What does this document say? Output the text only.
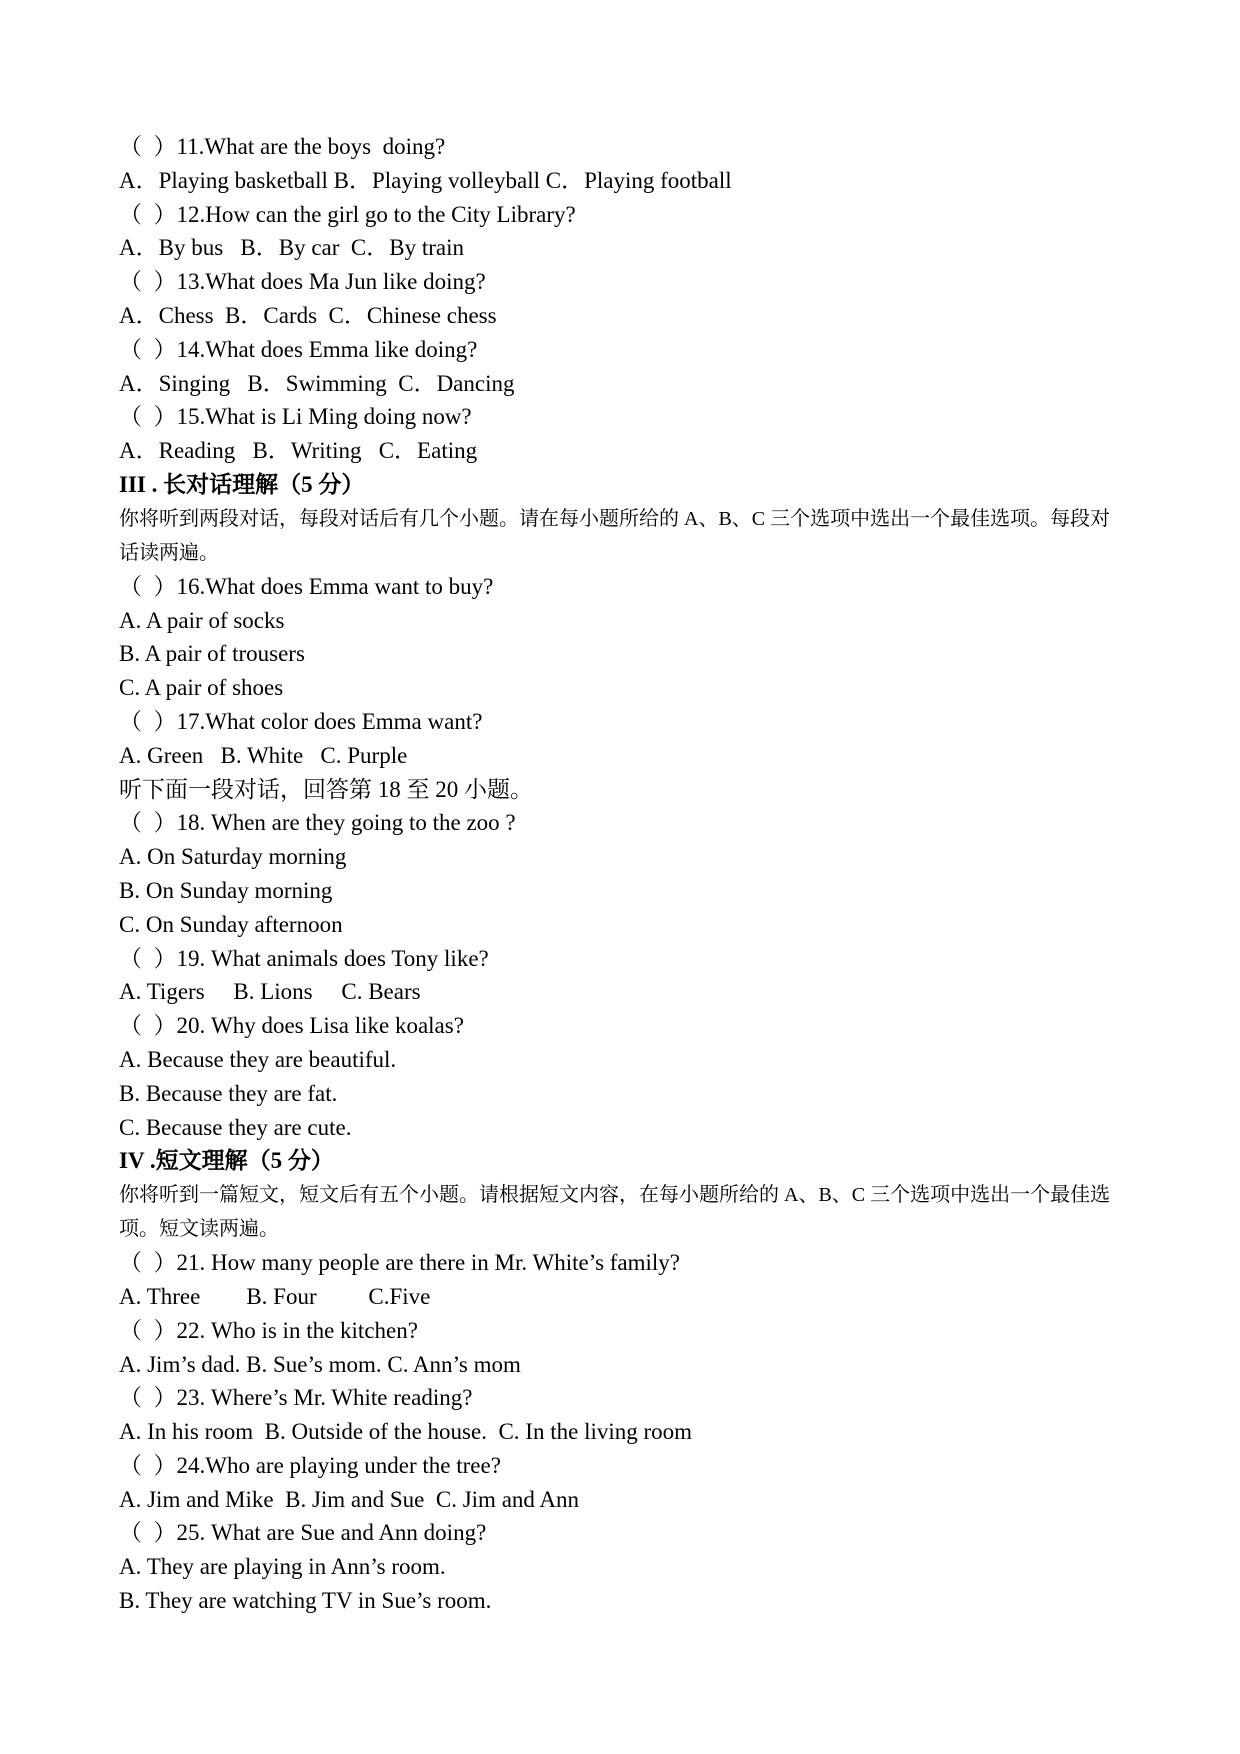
（  ）11.What are the boys  doing?
A．Playing basketball B．Playing volleyball C．Playing football
（  ）12.How can the girl go to the City Library?
A．By bus   B．By car  C．By train
（  ）13.What does Ma Jun like doing?
A．Chess  B．Cards  C．Chinese chess
（  ）14.What does Emma like doing?
A．Singing   B．Swimming  C．Dancing
（  ）15.What is Li Ming doing now?
A．Reading   B．Writing   C．Eating
III . 长对话理解（5 分）
你将听到两段对话，每段对话后有几个小题。请在每小题所给的 A、B、C 三个选项中选出一个最佳选项。每段对话读两遍。
（  ）16.What does Emma want to buy?
A. A pair of socks
B. A pair of trousers
C. A pair of shoes
（  ）17.What color does Emma want?
A. Green   B. White   C. Purple
听下面一段对话，回答第 18 至 20 小题。
（  ）18. When are they going to the zoo ?
A. On Saturday morning
B. On Sunday morning
C. On Sunday afternoon
（  ）19. What animals does Tony like?
A. Tigers     B. Lions     C. Bears
（  ）20. Why does Lisa like koalas?
A. Because they are beautiful.
B. Because they are fat.
C. Because they are cute.
IV .短文理解（5 分）
你将听到一篇短文，短文后有五个小题。请根据短文内容，在每小题所给的 A、B、C 三个选项中选出一个最佳选项。短文读两遍。
（  ）21. How many people are there in Mr. White’s family?
A. Three        B. Four         C.Five
（  ）22. Who is in the kitchen?
A. Jim’s dad. B. Sue’s mom. C. Ann’s mom
（  ）23. Where’s Mr. White reading?
A. In his room  B. Outside of the house.  C. In the living room
（  ）24.Who are playing under the tree?
A. Jim and Mike  B. Jim and Sue  C. Jim and Ann
（  ）25. What are Sue and Ann doing?
A. They are playing in Ann’s room.
B. They are watching TV in Sue’s room.
